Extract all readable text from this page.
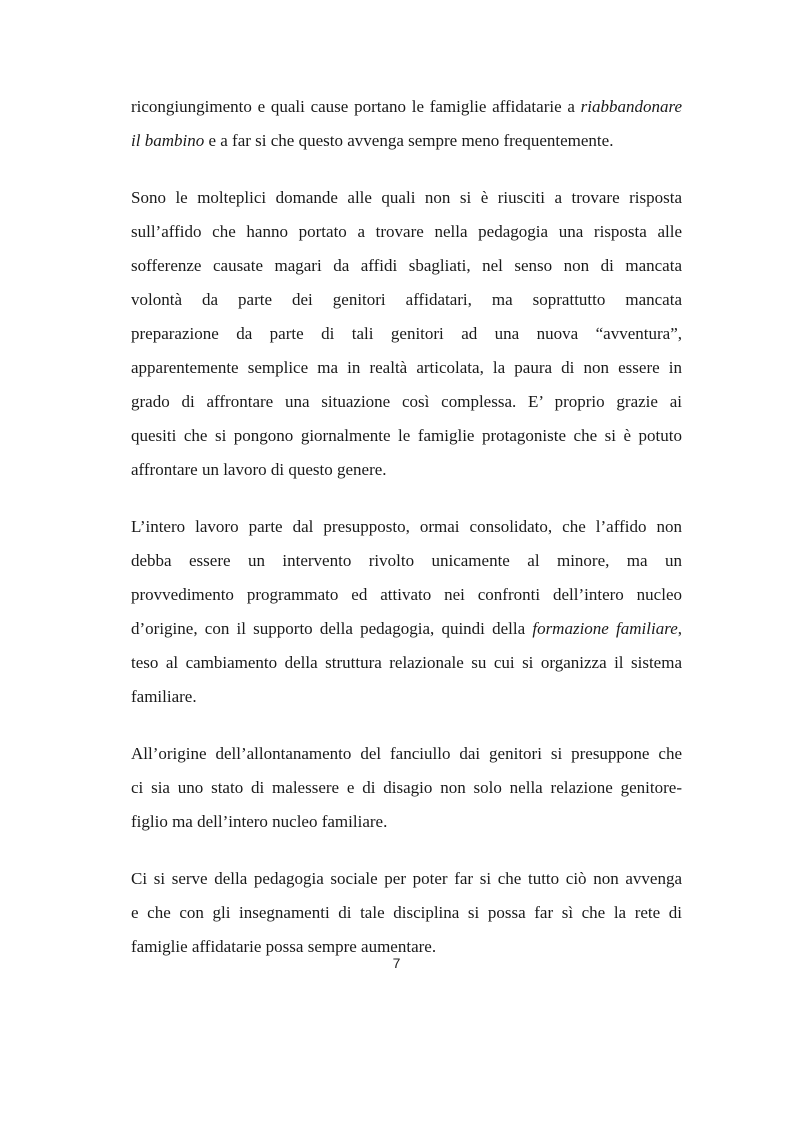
ricongiungimento e quali cause portano le famiglie affidatarie a riabbandonare
il bambino e a far si che questo avvenga sempre meno frequentemente.

Sono le molteplici domande alle quali non si è riusciti a trovare risposta
sull’affido che hanno portato a trovare nella pedagogia una risposta alle
sofferenze causate magari da affidi sbagliati, nel senso non di mancata
volontà da parte dei genitori affidatari, ma soprattutto mancata
preparazione da parte di tali genitori ad una nuova “avventura”,
apparentemente semplice ma in realtà articolata, la paura di non essere in
grado di affrontare una situazione così complessa. E’ proprio grazie ai
quesiti che si pongono giornalmente le famiglie protagoniste che si è potuto
affrontare un lavoro di questo genere.

L’intero lavoro parte dal presupposto, ormai consolidato, che l’affido non
debba essere un intervento rivolto unicamente al minore, ma un
provvedimento programmato ed attivato nei confronti dell’intero nucleo
d’origine, con il supporto della pedagogia, quindi della formazione familiare,
teso al cambiamento della struttura relazionale su cui si organizza il sistema
familiare.

All’origine dell’allontanamento del fanciullo dai genitori si presuppone che
ci sia uno stato di malessere e di disagio non solo nella relazione genitore-
figlio ma dell’intero nucleo familiare.

Ci si serve della pedagogia sociale per poter far si che tutto ciò non avvenga
e che con gli insegnamenti di tale disciplina si possa far sì che la rete di
famiglie affidatarie possa sempre aumentare.

7
